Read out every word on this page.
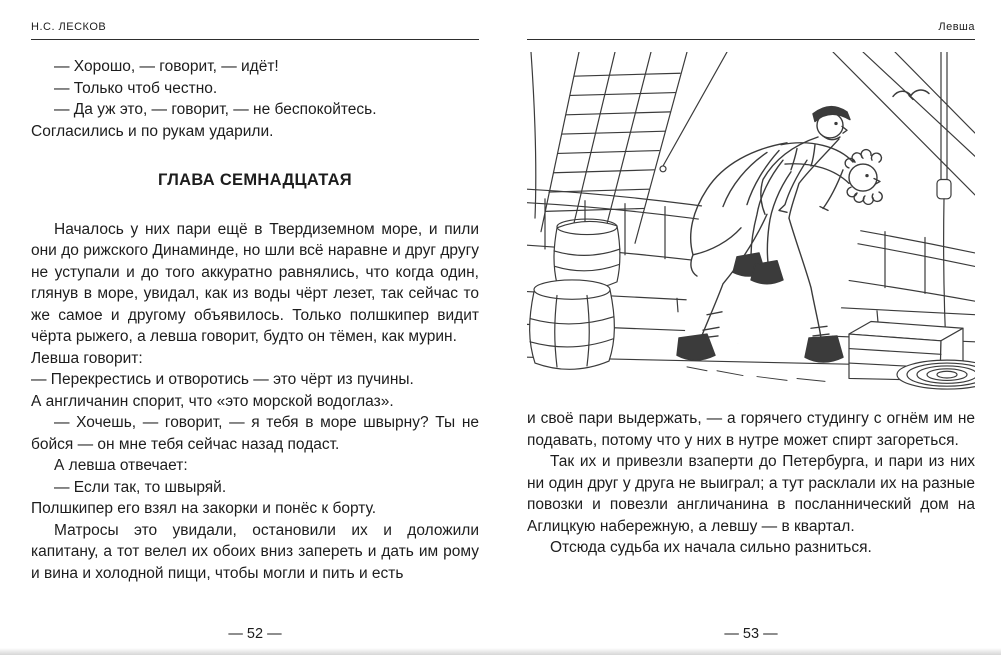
Н.С. ЛЕСКОВ

— Хорошо, — говорит, — идёт!

— Только чтоб честно.

— Да уж это, — говорит, — не беспокойтесь.

Согласились и по рукам ударили.

ГЛАВА СЕМНАДЦАТАЯ

Началось у них пари ещё в Твердиземном море, и пили они до рижского Динаминде, но шли всё наравне и друг другу не уступали и до того аккуратно равнялись, что когда один, глянув в море, увидал, как из воды чёрт лезет, так сейчас то же самое и другому объявилось. Только полшкипер видит чёрта рыжего, а левша говорит, будто он тёмен, как мурин.

Левша говорит:

— Перекрестись и отворотись — это чёрт из пучины.

А англичанин спорит, что «это морской водоглаз».

— Хочешь, — говорит, — я тебя в море швырну? Ты не бойся — он мне тебя сейчас назад подаст.

А левша отвечает:

— Если так, то швыряй.

Полшкипер его взял на закорки и понёс к борту.

Матросы это увидали, остановили их и доложили капитану, а тот велел их обоих вниз запереть и дать им рому и вина и холодной пищи, чтобы могли и пить и есть

— 52 —
Левша

и своё пари выдержать, — а горячего студингу с огнём им не подавать, потому что у них в нутре может спирт загореться.

Так их и привезли взаперти до Петербурга, и пари из них ни один друг у друга не выиграл; а тут расклали их на разные повозки и повезли англичанина в посланнический дом на Аглицкую набережную, а левшу — в квартал.

Отсюда судьба их начала сильно разниться.

— 53 —
